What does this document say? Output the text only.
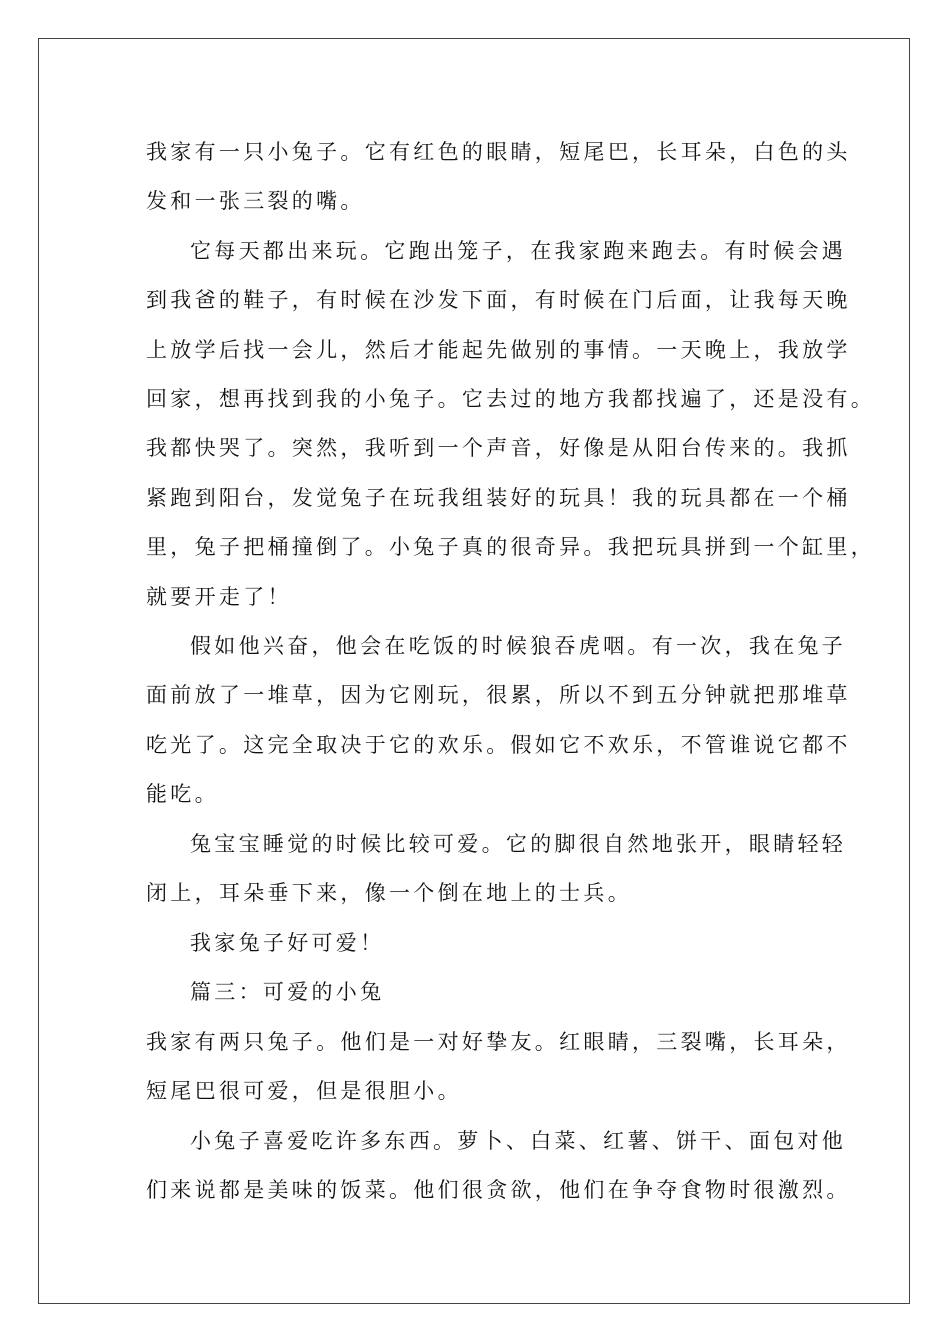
我家有一只小兔子。它有红色的眼睛，短尾巴，长耳朵，白色的头

发和一张三裂的嘴。

它每天都出来玩。它跑出笼子，在我家跑来跑去。有时候会遇

到我爸的鞋子，有时候在沙发下面，有时候在门后面，让我每天晚

上放学后找一会儿，然后才能起先做别的事情。一天晚上，我放学

回家，想再找到我的小兔子。它去过的地方我都找遍了，还是没有。

我都快哭了。突然，我听到一个声音，好像是从阳台传来的。我抓

紧跑到阳台，发觉兔子在玩我组装好的玩具！我的玩具都在一个桶

里，兔子把桶撞倒了。小兔子真的很奇异。我把玩具拼到一个缸里，

就要开走了！

假如他兴奋，他会在吃饭的时候狼吞虎咽。有一次，我在兔子

面前放了一堆草，因为它刚玩，很累，所以不到五分钟就把那堆草

吃光了。这完全取决于它的欢乐。假如它不欢乐，不管谁说它都不

能吃。

兔宝宝睡觉的时候比较可爱。它的脚很自然地张开，眼睛轻轻

闭上，耳朵垂下来，像一个倒在地上的士兵。

我家兔子好可爱！

篇三：可爱的小兔

我家有两只兔子。他们是一对好挚友。红眼睛，三裂嘴，长耳朵，

短尾巴很可爱，但是很胆小。

小兔子喜爱吃许多东西。萝卜、白菜、红薯、饼干、面包对他

们来说都是美味的饭菜。他们很贪欲，他们在争夺食物时很激烈。
